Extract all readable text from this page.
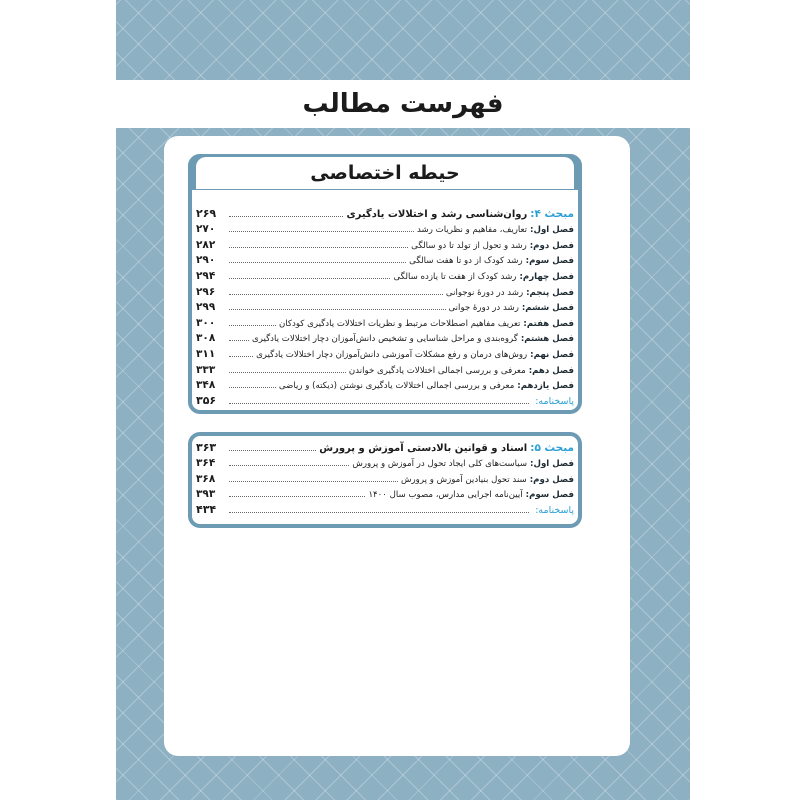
فهرست مطالب
حیطه اختصاصی
مبحث ۴:
روان‌شناسی رشد و اختلالات یادگیری
۲۶۹
فصل اول:
تعاریف، مفاهیم و نظریات رشد
۲۷۰
فصل دوم:
رشد و تحول از تولد تا دو سالگی
۲۸۲
فصل سوم:
رشد کودک از دو تا هفت سالگی
۲۹۰
فصل چهارم:
رشد کودک از هفت تا یازده سالگی
۲۹۴
فصل پنجم:
رشد در دورهٔ نوجوانی
۲۹۶
فصل ششم:
رشد در دورهٔ جوانی
۲۹۹
فصل هفتم:
تعریف مفاهیم اصطلاحات مرتبط و نظریات اختلالات یادگیری کودکان
۳۰۰
فصل هشتم:
گروه‌بندی و مراحل شناسایی و تشخیص دانش‌آموزان دچار اختلالات یادگیری
۳۰۸
فصل نهم:
روش‌های درمان و رفع مشکلات آموزشی دانش‌آموزان دچار اختلالات یادگیری
۳۱۱
فصل دهم:
معرفی و بررسی اجمالی اختلالات یادگیری خواندن
۳۳۳
فصل یازدهم:
معرفی و بررسی اجمالی اختلالات یادگیری نوشتن (دیکته) و ریاضی
۳۴۸
پاسخنامه:
۳۵۶
مبحث ۵:
اسناد و قوانین بالادستی آموزش و پرورش
۳۶۳
فصل اول:
سیاست‌های کلی ایجاد تحول در آموزش و پرورش
۳۶۴
فصل دوم:
سند تحول بنیادین آموزش و پرورش
۳۶۸
فصل سوم:
آیین‌نامه اجرایی مدارس، مصوب سال ۱۴۰۰
۳۹۳
پاسخنامه:
۴۳۴
